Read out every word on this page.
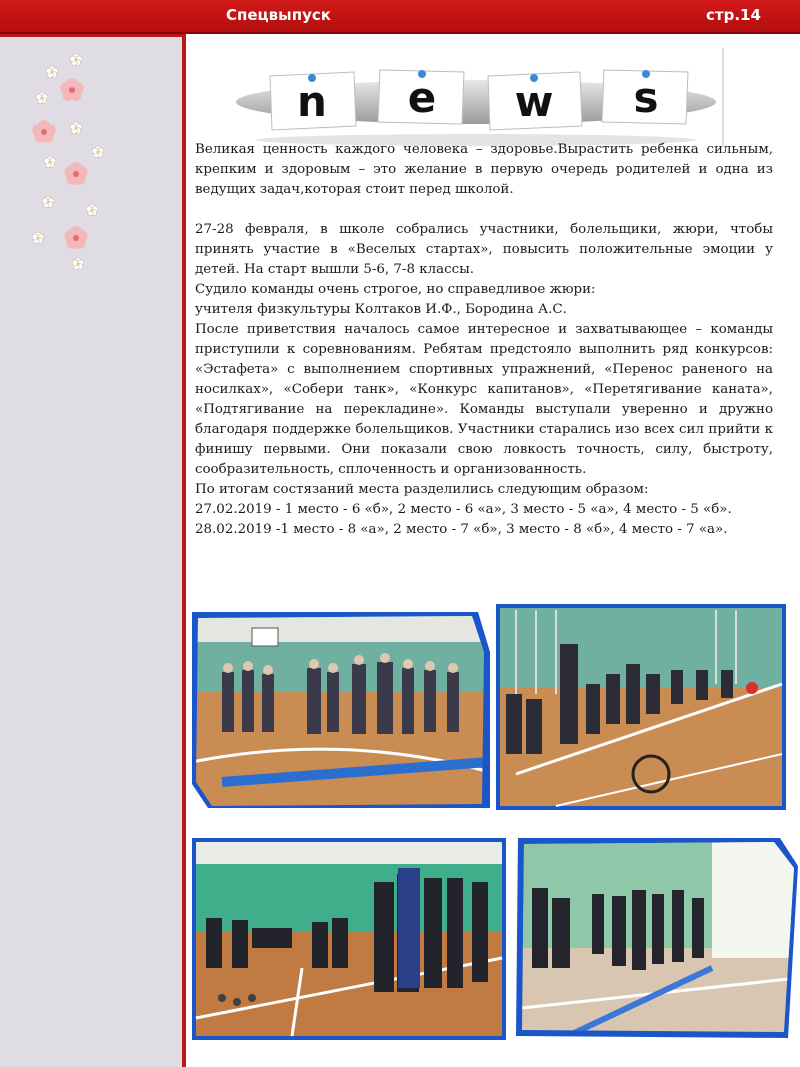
Спецвыпуск	стр.14
n	e	w	s

Великая ценность каждого человека – здоровье.Вырастить ребенка сильным, крепким и здоровым – это желание в первую очередь родителей и одна из ведущих задач,которая стоит перед школой.

27-28 февраля, в школе собрались участники, болельщики, жюри, чтобы принять участие в «Веселых стартах», повысить положительные эмоции у детей. На старт вышли 5-6, 7-8 классы.

Судило команды очень строгое, но справедливое жюри:

учителя физкультуры Колтаков И.Ф., Бородина А.С.

После приветствия началось самое интересное и захватывающее – команды приступили к соревнованиям. Ребятам предстояло выполнить ряд конкурсов: «Эстафета» с выполнением спортивных упражнений, «Перенос раненого на носилках», «Собери танк», «Конкурс капитанов», «Перетягивание каната», «Подтягивание на перекладине». Команды выступали уверенно и дружно благодаря поддержке болельщиков. Участники старались изо всех сил прийти к финишу первыми. Они показали свою ловкость точность, силу, быстроту, сообразительность, сплоченность и организованность.

По итогам состязаний места разделились следующим образом:

27.02.2019 - 1 место - 6 «б», 2 место - 6 «а», 3 место - 5 «а», 4 место - 5 «б».

28.02.2019 -1 место - 8 «а», 2 место - 7 «б», 3 место - 8 «б», 4 место - 7 «а».
